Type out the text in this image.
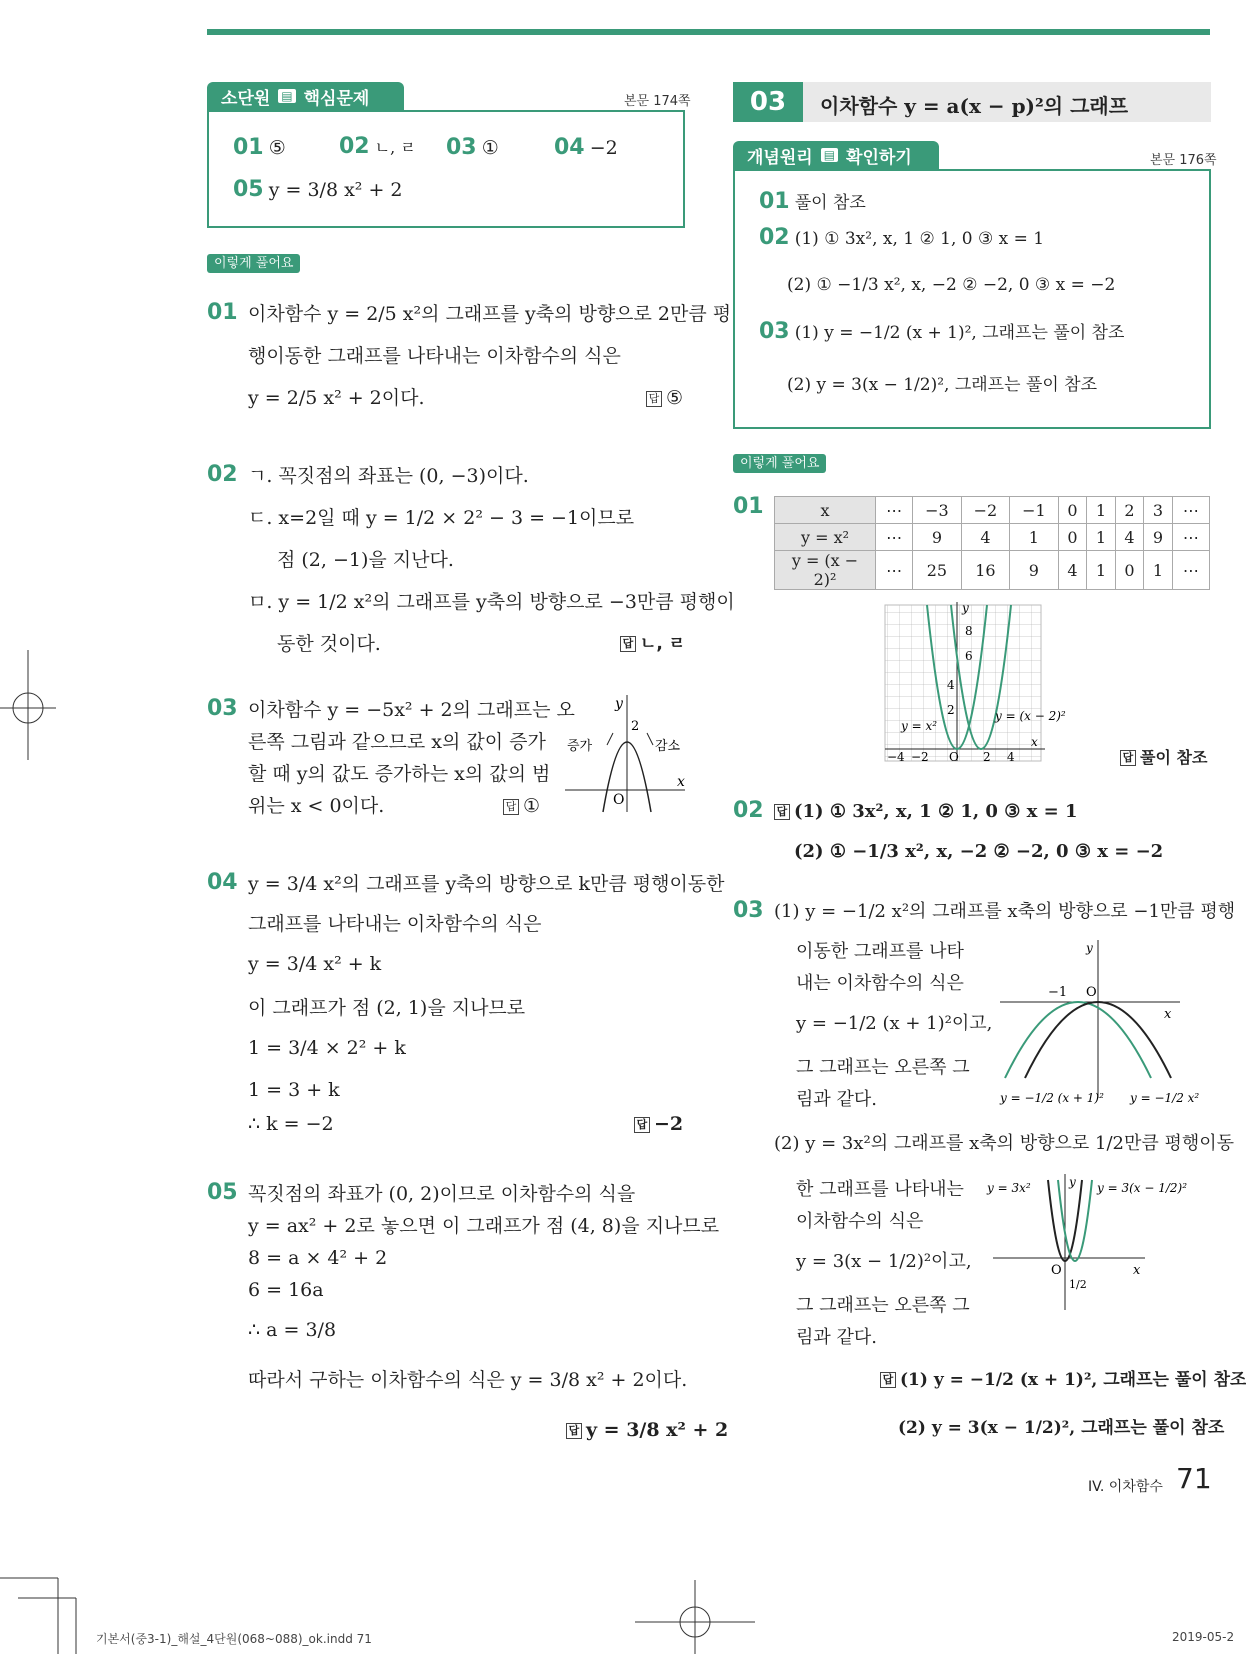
소단원 ▤ 핵심문제	본문 174쪽
01 ⑤ 02 ㄴ, ㄹ 03 ①	04 −2
05 y = 3/8 x² + 2
이렇게 풀어요
01 이차함수 y = 2/5 x²의 그래프를 y축의 방향으로 2만큼 평
행이동한 그래프를 나타내는 이차함수의 식은
y = 2/5 x² + 2이다.	답 ⑤
02 ㄱ. 꼭짓점의 좌표는 (0, −3)이다.
ㄷ. x=2일 때 y = 1/2 × 2² − 3 = −1이므로
점 (2, −1)을 지난다.
ㅁ. y = 1/2 x²의 그래프를 y축의 방향으로 −3만큼 평행이
동한 것이다.	답 ㄴ, ㄹ
03 이차함수 y = −5x² + 2의 그래프는 오
른쪽 그림과 같으므로 x의 값이 증가
할 때 y의 값도 증가하는 x의 값의 범
위는 x < 0이다.	답 ①
y
x
O
2
증가	감소
04 y = 3/4 x²의 그래프를 y축의 방향으로 k만큼 평행이동한
그래프를 나타내는 이차함수의 식은
y = 3/4 x² + k
이 그래프가 점 (2, 1)을 지나므로
1 = 3/4 × 2² + k
1 = 3 + k
∴ k = −2	답 −2
05 꼭짓점의 좌표가 (0, 2)이므로 이차함수의 식을
y = ax² + 2로 놓으면 이 그래프가 점 (4, 8)을 지나므로
8 = a × 4² + 2
6 = 16a
∴ a = 3/8
따라서 구하는 이차함수의 식은 y = 3/8 x² + 2이다.
답 y = 3/8 x² + 2
03	이차함수 y = a(x − p)²의 그래프
개념원리 ▤ 확인하기	본문 176쪽
01 풀이 참조
02 (1) ① 3x², x, 1 ② 1, 0 ③ x = 1
(2) ① −1/3 x², x, −2 ② −2, 0 ③ x = −2
03 (1) y = −1/2 (x + 1)², 그래프는 풀이 참조
(2) y = 3(x − 1/2)², 그래프는 풀이 참조
이렇게 풀어요
01	x	⋯	−3	−2	−1	0	1	2	3	⋯
y = x²	⋯	9	4	1	0	1	4	9	⋯
y = (x − 2)²	⋯	25	16	9	4	1	0	1	⋯
y
x
8
6
4
2
−4 −2 O 2 4
y = x²
y = (x − 2)²
답 풀이 참조
02 답 (1) ① 3x², x, 1 ② 1, 0 ③ x = 1
(2) ① −1/3 x², x, −2 ② −2, 0 ③ x = −2
03 (1) y = −1/2 x²의 그래프를 x축의 방향으로 −1만큼 평행
이동한 그래프를 나타
내는 이차함수의 식은
y = −1/2 (x + 1)²이고,
그 그래프는 오른쪽 그
림과 같다.
y
x
−1 O
y = −1/2 (x + 1)² y = −1/2 x²
(2) y = 3x²의 그래프를 x축의 방향으로 1/2만큼 평행이동
한 그래프를 나타내는
이차함수의 식은
y = 3(x − 1/2)²이고,
그 그래프는 오른쪽 그
림과 같다.
y
x
O
1/2
y = 3x²	y = 3(x − 1/2)²
답 (1) y = −1/2 (x + 1)², 그래프는 풀이 참조
(2) y = 3(x − 1/2)², 그래프는 풀이 참조
IV. 이차함수 71
기본서(중3-1)_해설_4단원(068~088)_ok.indd 71	2019-05-2
